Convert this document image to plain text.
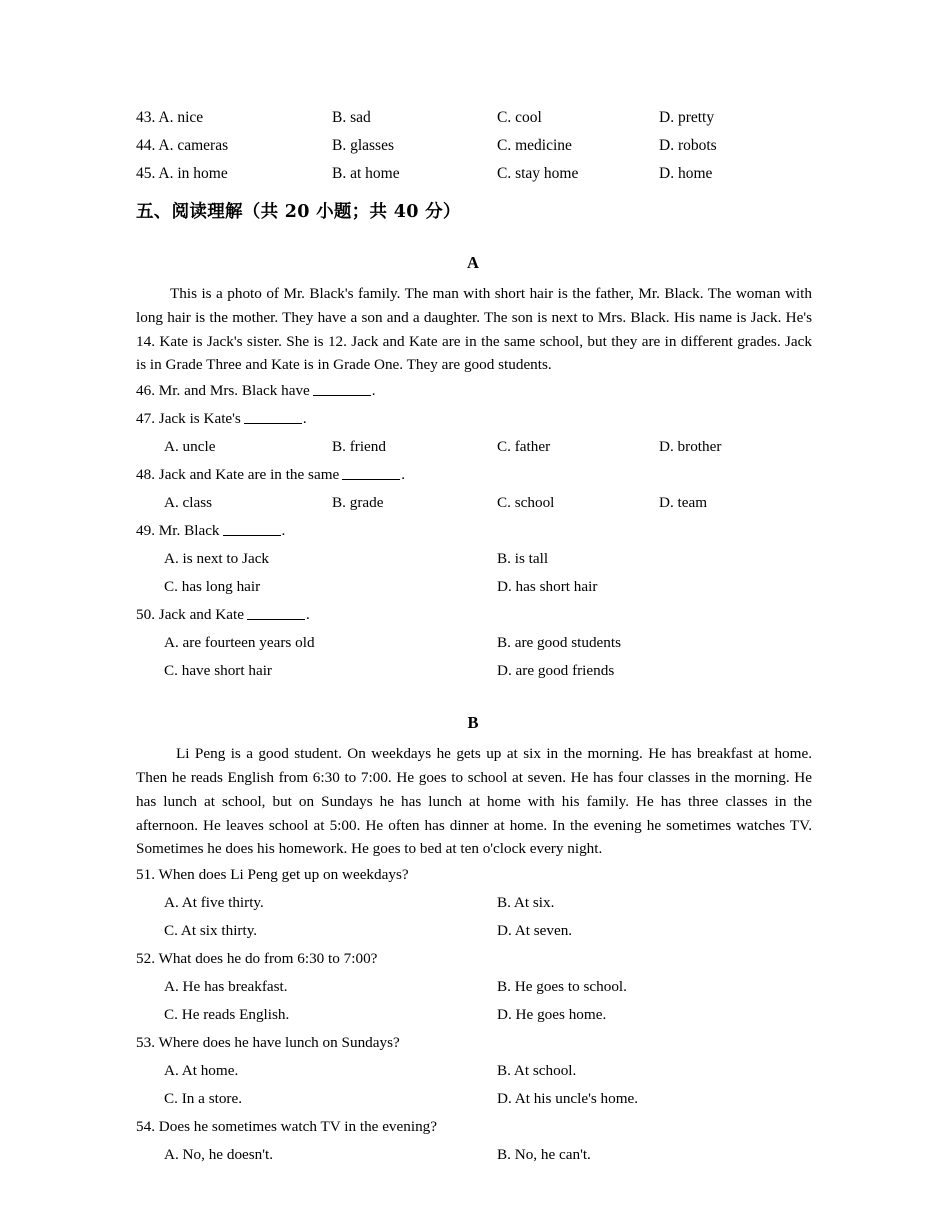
43. A. nice	B. sad	C. cool	D. pretty
44. A. cameras	B. glasses	C. medicine	D. robots
45. A. in home	B. at home	C. stay home	D. home
五、阅读理解（共 20 小题；共 40 分）
A
This is a photo of Mr. Black's family. The man with short hair is the father, Mr. Black. The woman with long hair is the mother. They have a son and a daughter. The son is next to Mrs. Black. His name is Jack. He's 14. Kate is Jack's sister. She is 12. Jack and Kate are in the same school, but they are in different grades. Jack is in Grade Three and Kate is in Grade One. They are good students.
46. Mr. and Mrs. Black have	.
47. Jack is Kate's	.
A. uncle	B. friend	C. father	D. brother
48. Jack and Kate are in the same	.
A. class	B. grade	C. school	D. team
49. Mr. Black	.
A. is next to Jack	B. is tall
C. has long hair	D. has short hair
50. Jack and Kate	.
A. are fourteen years old	B. are good students
C. have short hair	D. are good friends
B
Li Peng is a good student. On weekdays he gets up at six in the morning. He has breakfast at home. Then he reads English from 6:30 to 7:00. He goes to school at seven. He has four classes in the morning. He has lunch at school, but on Sundays he has lunch at home with his family. He has three classes in the afternoon. He leaves school at 5:00. He often has dinner at home. In the evening he sometimes watches TV. Sometimes he does his homework. He goes to bed at ten o'clock every night.
51. When does Li Peng get up on weekdays?
A. At five thirty.	B. At six.
C. At six thirty.	D. At seven.
52. What does he do from 6:30 to 7:00?
A. He has breakfast.	B. He goes to school.
C. He reads English.	D. He goes home.
53. Where does he have lunch on Sundays?
A. At home.	B. At school.
C. In a store.	D. At his uncle's home.
54. Does he sometimes watch TV in the evening?
A. No, he doesn't.	B. No, he can't.
